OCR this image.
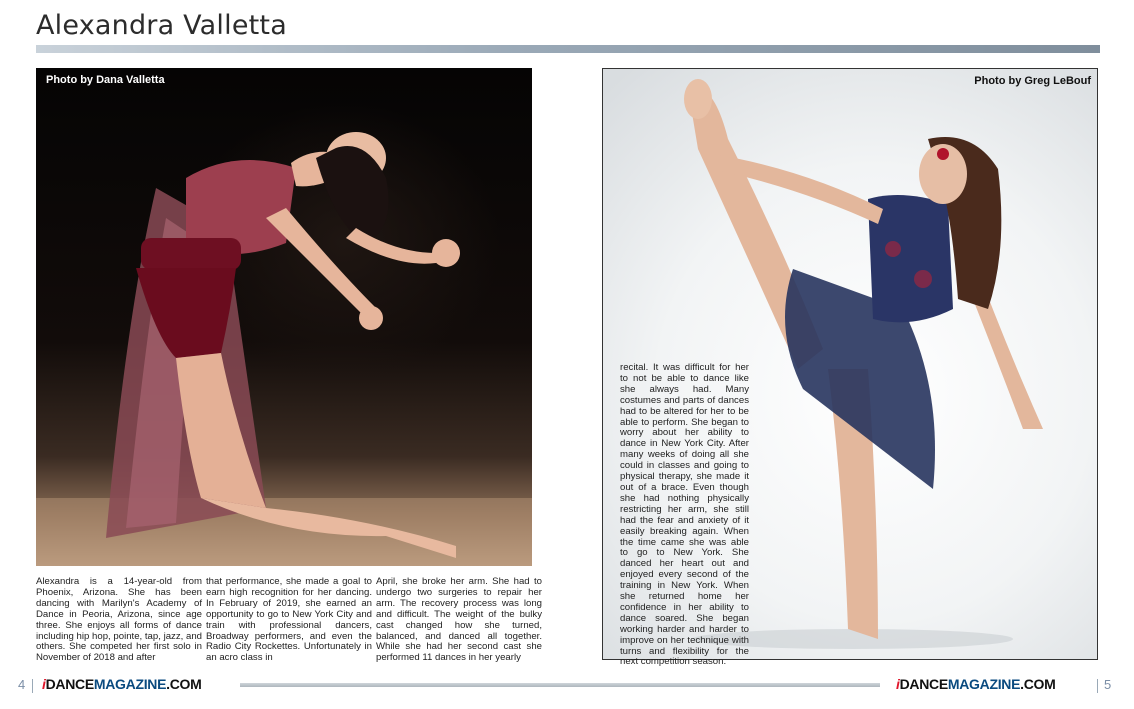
Alexandra Valletta
Photo by Dana Valletta	Photo by Greg LeBouf
recital. It was difficult for her to not be able to dance like she always had. Many costumes and parts of dances had to be altered for her to be able to perform. She began to worry about her ability to dance in New York City. After many weeks of doing all she could in classes and going to physical therapy, she made it out of a brace. Even though she had nothing physically restricting her arm, she still had the fear and anxiety of it easily breaking again. When the time came she was able to go to New York. She danced her heart out and enjoyed every second of the training in New York. When she returned home her confidence in her ability to dance soared. She began working harder and harder to improve on her technique with turns and flexibility for the next competition season.
Alexandra is a 14-year-old from Phoenix, Arizona. She has been dancing with Marilyn's Academy of Dance in Peoria, Arizona, since age three. She enjoys all forms of dance including hip hop, pointe, tap, jazz, and others. She competed her first solo in November of 2018 and after
that performance, she made a goal to earn high recognition for her dancing. In February of 2019, she earned an opportunity to go to New York City and train with professional dancers, Broadway performers, and even the Radio City Rockettes. Unfortunately in an acro class in
April, she broke her arm. She had to undergo two surgeries to repair her arm. The recovery process was long and difficult. The weight of the bulky cast changed how she turned, balanced, and danced all together. While she had her second cast she performed 11 dances in her yearly
4 iDANCEMAGAZINE.COM	iDANCEMAGAZINE.COM	5
